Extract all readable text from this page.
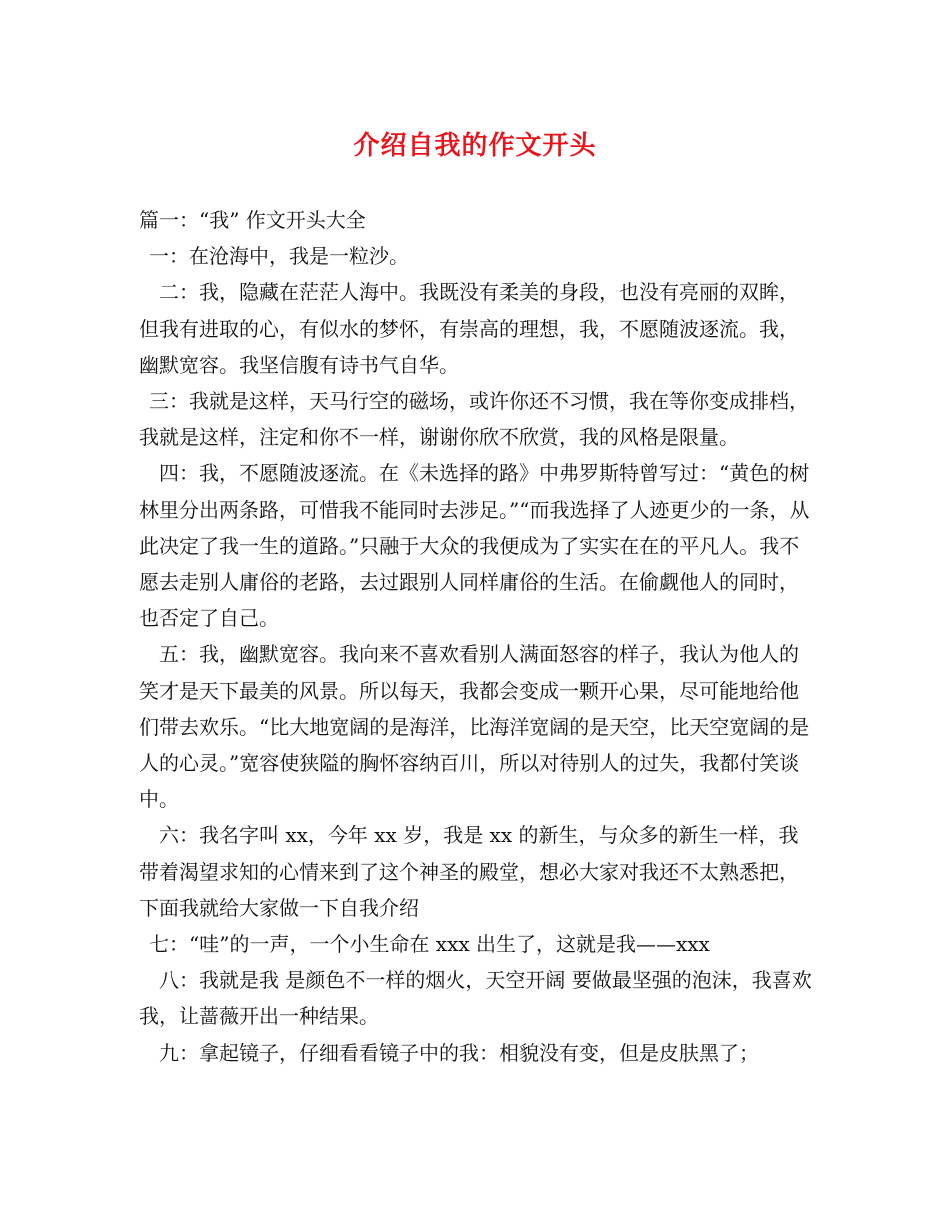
介绍自我的作文开头

篇一：“我” 作文开头大全

一：在沧海中，我是一粒沙。

二：我，隐藏在茫茫人海中。我既没有柔美的身段，也没有亮丽的双眸，但我有进取的心，有似水的梦怀，有崇高的理想，我，不愿随波逐流。我，幽默宽容。我坚信腹有诗书气自华。

三：我就是这样，天马行空的磁场，或许你还不习惯，我在等你变成排档，我就是这样，注定和你不一样，谢谢你欣不欣赏，我的风格是限量。

四：我，不愿随波逐流。在《未选择的路》中弗罗斯特曾写过：“黄色的树林里分出两条路，可惜我不能同时去涉足。”“而我选择了人迹更少的一条，从此决定了我一生的道路。”只融于大众的我便成为了实实在在的平凡人。我不愿去走别人庸俗的老路，去过跟别人同样庸俗的生活。在偷觑他人的同时，也否定了自己。

五：我，幽默宽容。我向来不喜欢看别人满面怒容的样子，我认为他人的笑才是天下最美的风景。所以每天，我都会变成一颗开心果，尽可能地给他们带去欢乐。“比大地宽阔的是海洋，比海洋宽阔的是天空，比天空宽阔的是人的心灵。”宽容使狭隘的胸怀容纳百川，所以对待别人的过失，我都付笑谈中。

六：我名字叫 xx，今年 xx 岁，我是 xx 的新生，与众多的新生一样，我带着渴望求知的心情来到了这个神圣的殿堂，想必大家对我还不太熟悉把，下面我就给大家做一下自我介绍

七：“哇”的一声，一个小生命在 xxx 出生了，这就是我——xxx

八：我就是我 是颜色不一样的烟火，天空开阔 要做最坚强的泡沫，我喜欢我，让蔷薇开出一种结果。

九：拿起镜子，仔细看看镜子中的我：相貌没有变，但是皮肤黑了；
